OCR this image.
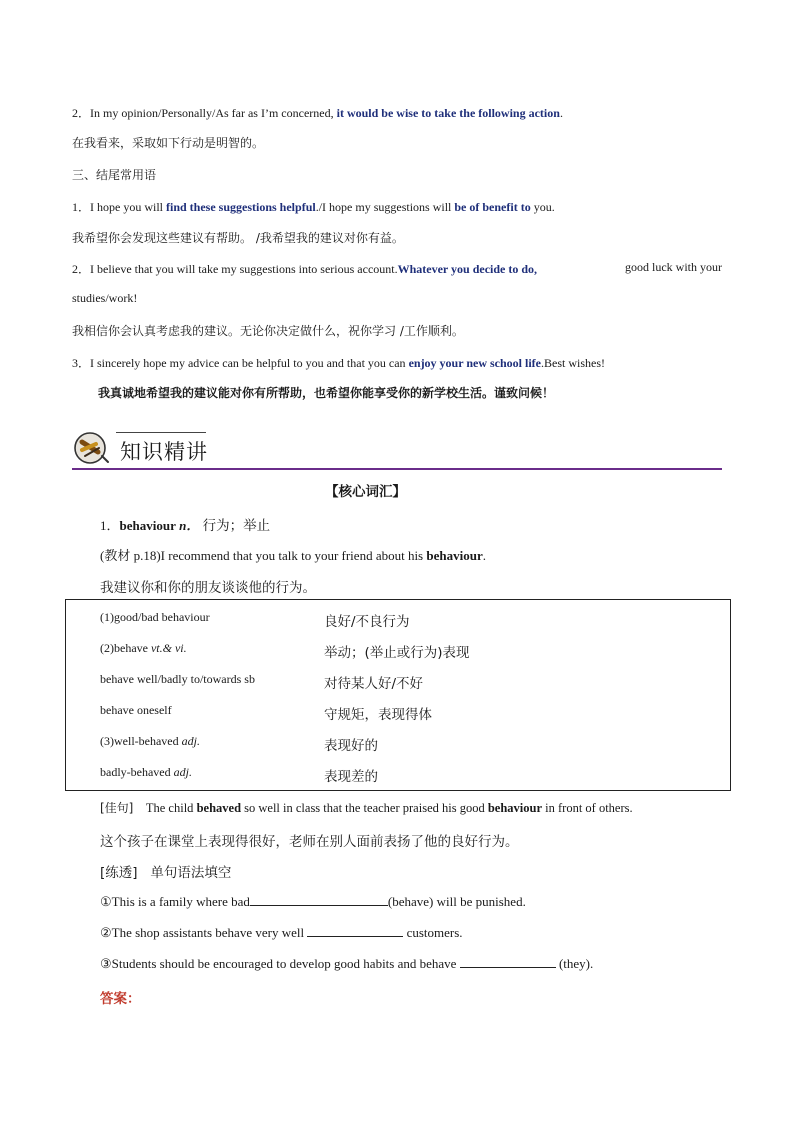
2．In my opinion/Personally/As far as I’m concerned, it would be wise to take the following action.
在我看来，采取如下行动是明智的。
三、结尾常用语
1．I hope you will find these suggestions helpful./I hope my suggestions will be of benefit to you.
我希望你会发现这些建议有帮助。 /我希望我的建议对你有益。
2．I believe that you will take my suggestions into serious account.Whatever you decide to do,	good luck with your
studies/work!
我相信你会认真考虑我的建议。无论你决定做什么，祝你学习 /工作顺利。
3．I sincerely hope my advice can be helpful to you and that you can enjoy your new school life.Best wishes!
我真诚地希望我的建议能对你有所帮助，也希望你能享受你的新学校生活。谨致问候！
知识精讲
【核心词汇】
1．behaviour n． 行为；举止
(教材 p.18)I recommend that you talk to your friend about his behaviour.
我建议你和你的朋友谈谈他的行为。
(1)good/bad behaviour	良好/不良行为
(2)behave vt.& vi.	举动；(举止或行为)表现
behave well/badly to/towards sb	对待某人好/不好
behave oneself	守规矩，表现得体
(3)well-behaved adj.	表现好的
badly-behaved adj.	表现差的
[佳句] The child behaved so well in class that the teacher praised his good behaviour in front of others.
这个孩子在课堂上表现得很好，老师在别人面前表扬了他的良好行为。
[练透] 单句语法填空
①This is a family where bad	(behave) will be punished.
②The shop assistants behave very well	customers.
③Students should be encouraged to develop good habits and behave	(they).
答案：
